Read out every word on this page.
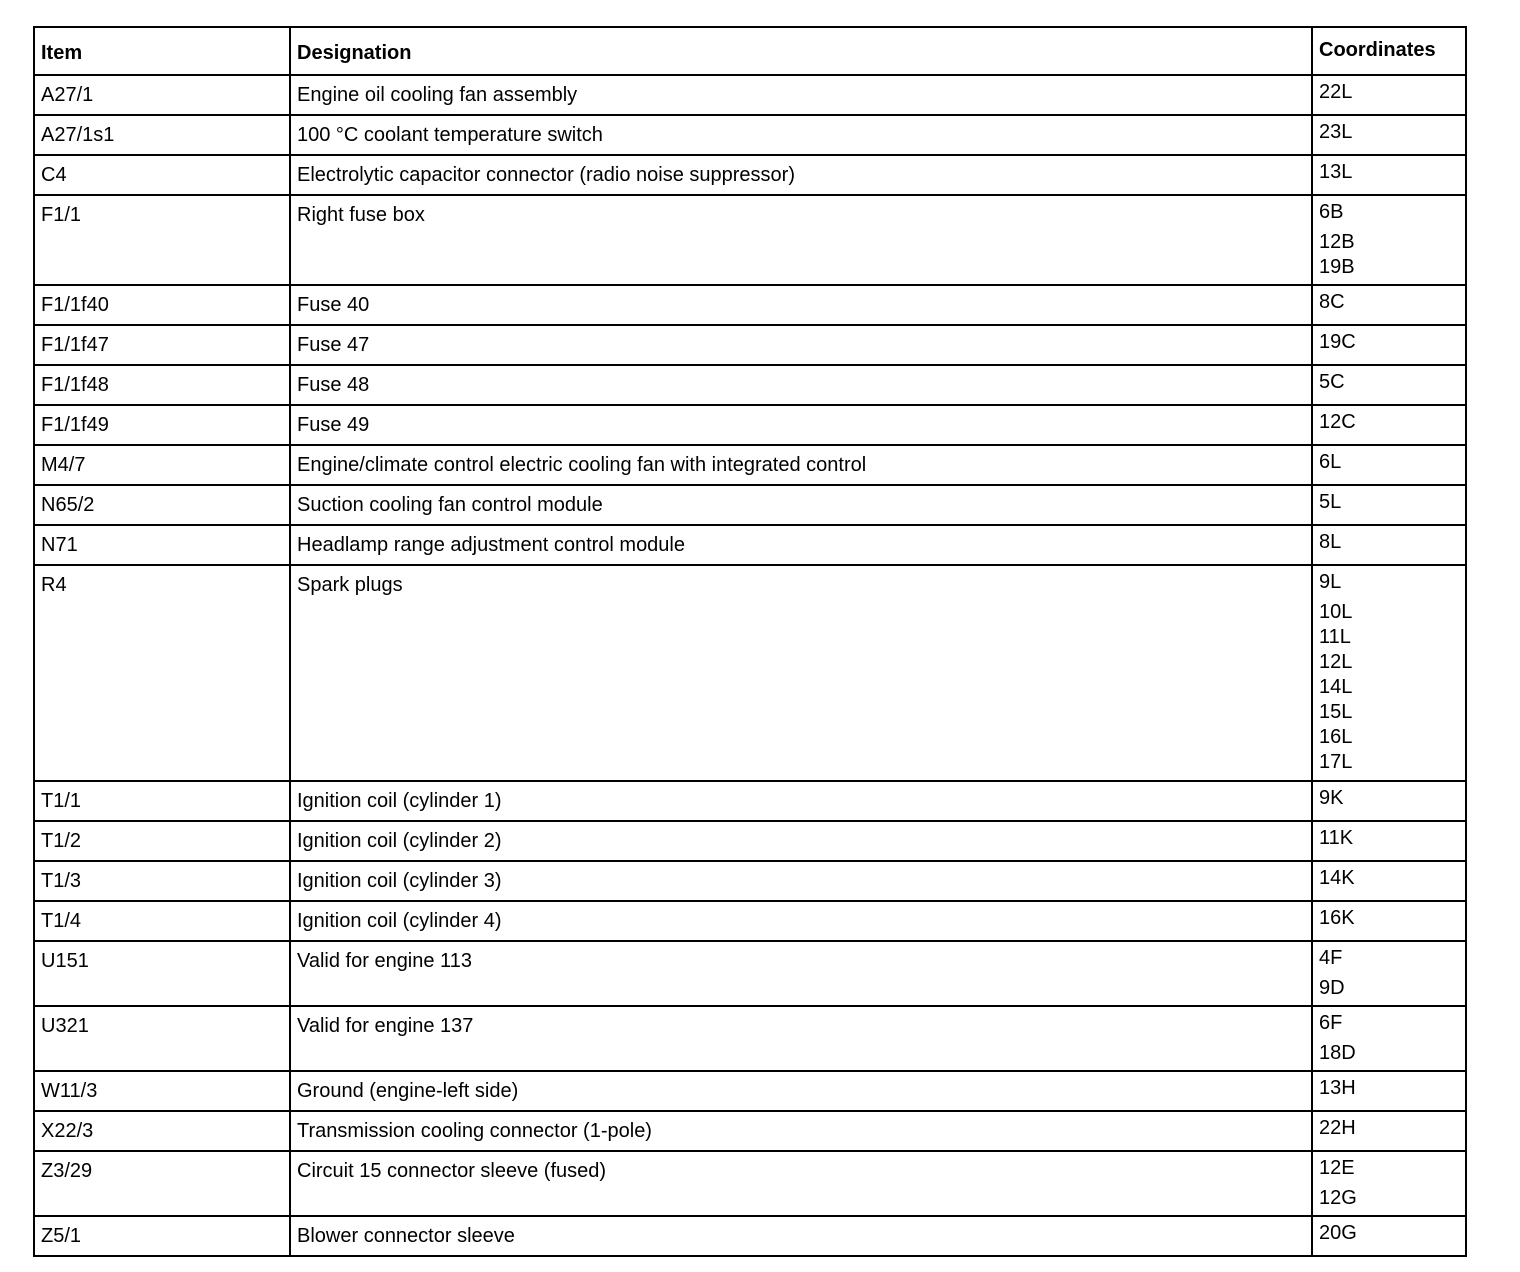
Item	Designation	Coordinates
A27/1	Engine oil cooling fan assembly	22L
A27/1s1	100 °C coolant temperature switch	23L
C4	Electrolytic capacitor connector (radio noise suppressor)	13L
F1/1	Right fuse box	6B
12B
19B
F1/1f40	Fuse 40	8C
F1/1f47	Fuse 47	19C
F1/1f48	Fuse 48	5C
F1/1f49	Fuse 49	12C
M4/7	Engine/climate control electric cooling fan with integrated control	6L
N65/2	Suction cooling fan control module	5L
N71	Headlamp range adjustment control module	8L
R4	Spark plugs	9L
10L
11L
12L
14L
15L
16L
17L
T1/1	Ignition coil (cylinder 1)	9K
T1/2	Ignition coil (cylinder 2)	11K
T1/3	Ignition coil (cylinder 3)	14K
T1/4	Ignition coil (cylinder 4)	16K
U151	Valid for engine 113	4F
9D
U321	Valid for engine 137	6F
18D
W11/3	Ground (engine-left side)	13H
X22/3	Transmission cooling connector (1-pole)	22H
Z3/29	Circuit 15 connector sleeve (fused)	12E
12G
Z5/1	Blower connector sleeve	20G
